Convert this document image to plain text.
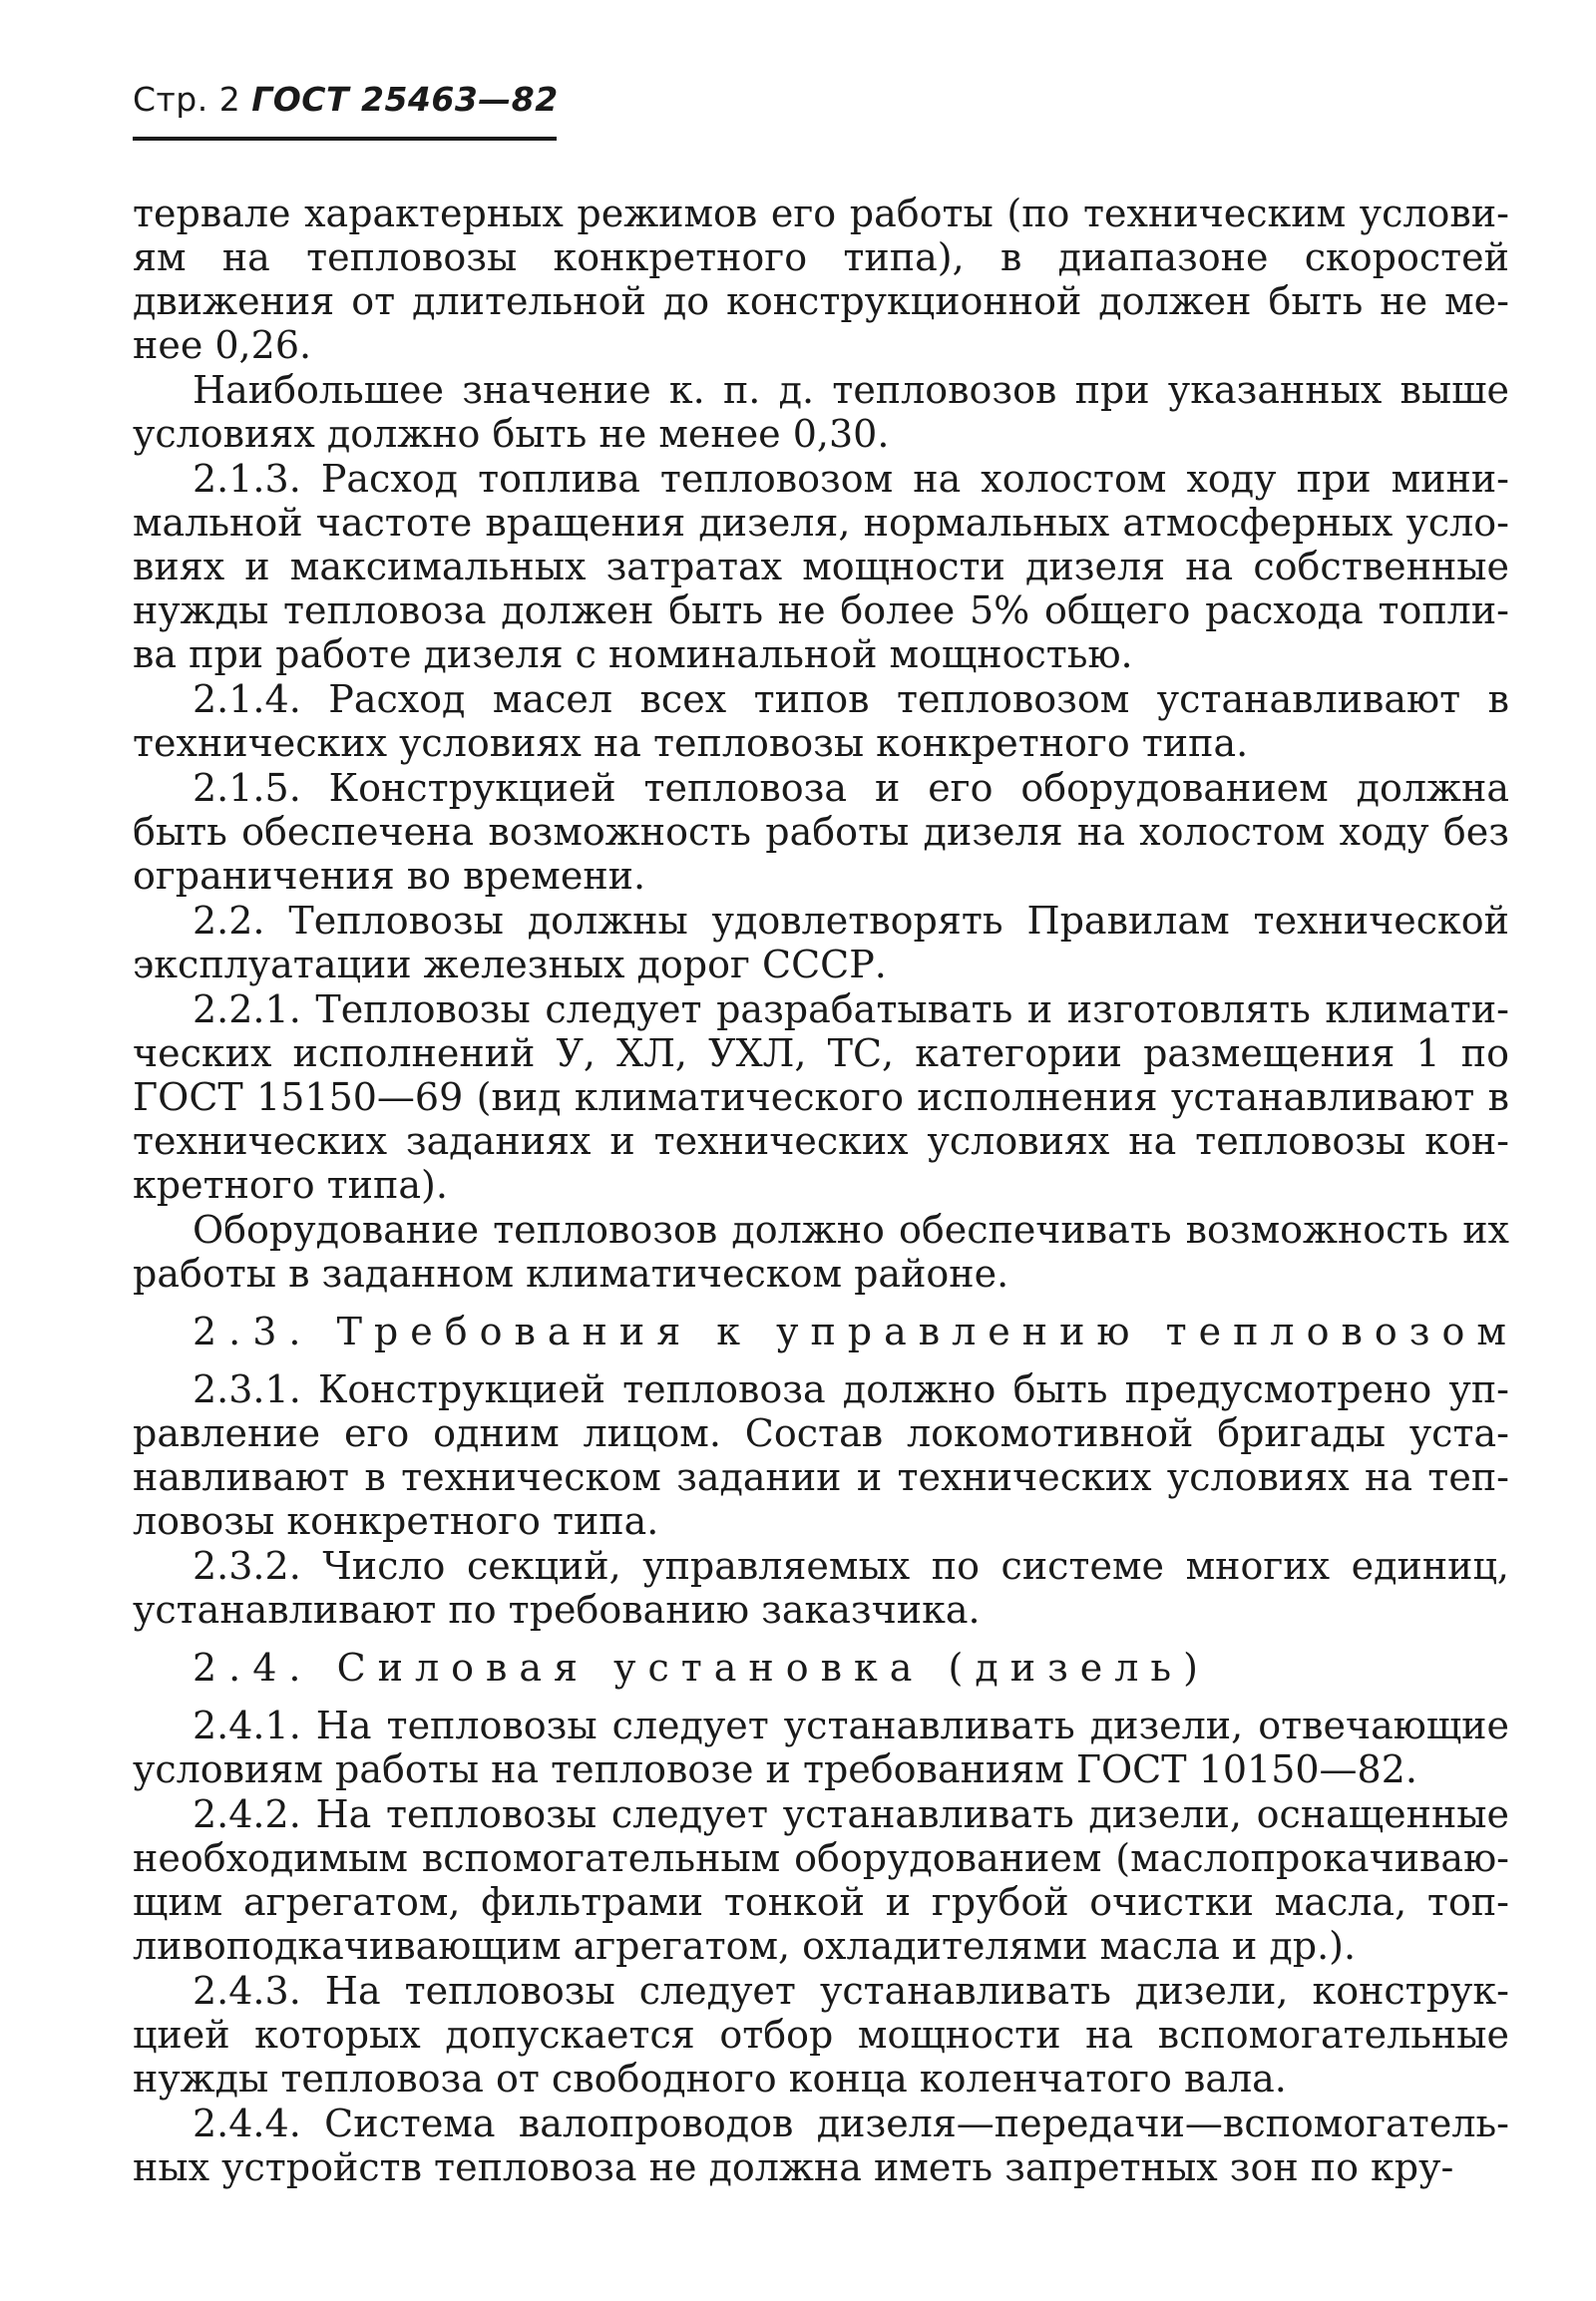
Стр. 2 ГОСТ 25463—82

тервале характерных режимов его работы (по техническим условиям на тепловозы конкретного типа), в диапазоне скоростей движения от длительной до конструкционной должен быть не менее 0,26.

Наибольшее значение к. п. д. тепловозов при указанных выше условиях должно быть не менее 0,30.

2.1.3. Расход топлива тепловозом на холостом ходу при минимальной частоте вращения дизеля, нормальных атмосферных условиях и максимальных затратах мощности дизеля на собственные нужды тепловоза должен быть не более 5% общего расхода топлива при работе дизеля с номинальной мощностью.

2.1.4. Расход масел всех типов тепловозом устанавливают в технических условиях на тепловозы конкретного типа.

2.1.5. Конструкцией тепловоза и его оборудованием должна быть обеспечена возможность работы дизеля на холостом ходу без ограничения во времени.

2.2. Тепловозы должны удовлетворять Правилам технической эксплуатации железных дорог СССР.

2.2.1. Тепловозы следует разрабатывать и изготовлять климатических исполнений У, ХЛ, УХЛ, ТС, категории размещения 1 по ГОСТ 15150—69 (вид климатического исполнения устанавливают в технических заданиях и технических условиях на тепловозы конкретного типа).

Оборудование тепловозов должно обеспечивать возможность их работы в заданном климатическом районе.

2.3. Требования к управлению тепловозом

2.3.1. Конструкцией тепловоза должно быть предусмотрено управление его одним лицом. Состав локомотивной бригады устанавливают в техническом задании и технических условиях на тепловозы конкретного типа.

2.3.2. Число секций, управляемых по системе многих единиц, устанавливают по требованию заказчика.

2.4. Силовая установка (дизель)

2.4.1. На тепловозы следует устанавливать дизели, отвечающие условиям работы на тепловозе и требованиям ГОСТ 10150—82.

2.4.2. На тепловозы следует устанавливать дизели, оснащенные необходимым вспомогательным оборудованием (маслопрокачивающим агрегатом, фильтрами тонкой и грубой очистки масла, топливоподкачивающим агрегатом, охладителями масла и др.).

2.4.3. На тепловозы следует устанавливать дизели, конструкцией которых допускается отбор мощности на вспомогательные нужды тепловоза от свободного конца коленчатого вала.

2.4.4. Система валопроводов дизеля—передачи—вспомогательных устройств тепловоза не должна иметь запретных зон по кру-
